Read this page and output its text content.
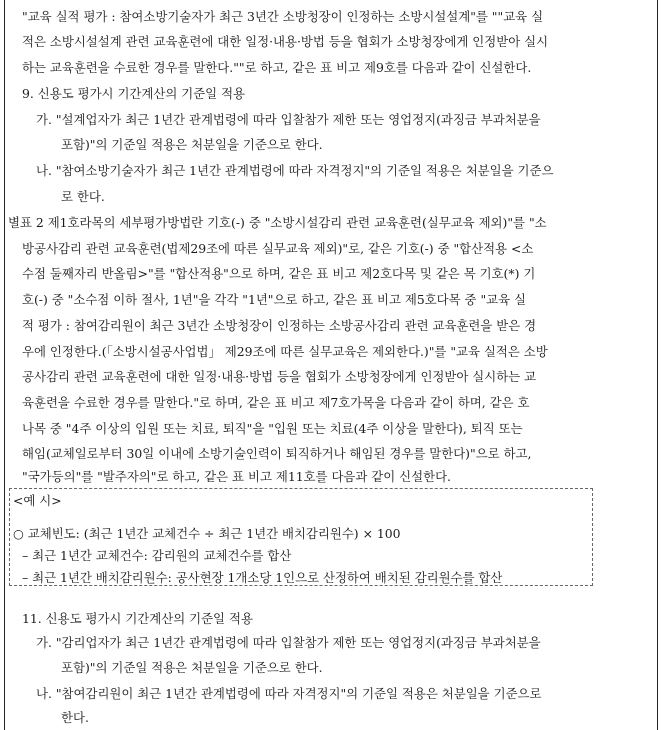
"교육 실적 평가 : 참여소방기술자가 최근 3년간 소방청장이 인정하는 소방시설설계"를 ""교육 실
적은 소방시설설계 관련 교육훈련에 대한 일정·내용·방법 등을 협회가 소방청장에게 인정받아 실시
하는 교육훈련을 수료한 경우를 말한다.""로 하고, 같은 표 비고 제9호를 다음과 같이 신설한다.
9. 신용도 평가시 기간계산의 기준일 적용
가. "설계업자가 최근 1년간 관계법령에 따라 입찰참가 제한 또는 영업정지(과징금 부과처분을
포함)"의 기준일 적용은 처분일을 기준으로 한다.
나. "참여소방기술자가 최근 1년간 관계법령에 따라 자격정지"의 기준일 적용은 처분일을 기준으
로 한다.
별표 2 제1호라목의 세부평가방법란 기호(-) 중 "소방시설감리 관련 교육훈련(실무교육 제외)"를 "소
방공사감리 관련 교육훈련(법제29조에 따른 실무교육 제외)"로, 같은 기호(-) 중 "합산적용 <소
수점 둘째자리 반올림>"를 "합산적용"으로 하며, 같은 표 비고 제2호다목 및 같은 목 기호(*) 기
호(-) 중 "소수점 이하 절사, 1년"을 각각 "1년"으로 하고, 같은 표 비고 제5호다목 중 "교육 실
적 평가 : 참여감리원이 최근 3년간 소방청장이 인정하는 소방공사감리 관련 교육훈련을 받은 경
우에 인정한다.(「소방시설공사업법」 제29조에 따른 실무교육은 제외한다.)"를 "교육 실적은 소방
공사감리 관련 교육훈련에 대한 일정·내용·방법 등을 협회가 소방청장에게 인정받아 실시하는 교
육훈련을 수료한 경우를 말한다."로 하며, 같은 표 비고 제7호가목을 다음과 같이 하며, 같은 호
나목 중 "4주 이상의 입원 또는 치료, 퇴직"을 "입원 또는 치료(4주 이상을 말한다), 퇴직 또는
해임(교체일로부터 30일 이내에 소방기술인력이 퇴직하거나 해임된 경우를 말한다)"으로 하고,
"국가등의"를 "발주자의"로 하고, 같은 표 비고 제11호를 다음과 같이 신설한다.
<예 시>
○ 교체빈도: (최근 1년간 교체건수 ÷ 최근 1년간 배치감리원수) × 100
– 최근 1년간 교체건수: 감리원의 교체건수를 합산
– 최근 1년간 배치감리원수: 공사현장 1개소당 1인으로 산정하여 배치된 감리원수를 합산
11. 신용도 평가시 기간계산의 기준일 적용
가. "감리업자가 최근 1년간 관계법령에 따라 입찰참가 제한 또는 영업정지(과징금 부과처분을
포함)"의 기준일 적용은 처분일을 기준으로 한다.
나. "참여감리원이 최근 1년간 관계법령에 따라 자격정지"의 기준일 적용은 처분일을 기준으로
한다.
